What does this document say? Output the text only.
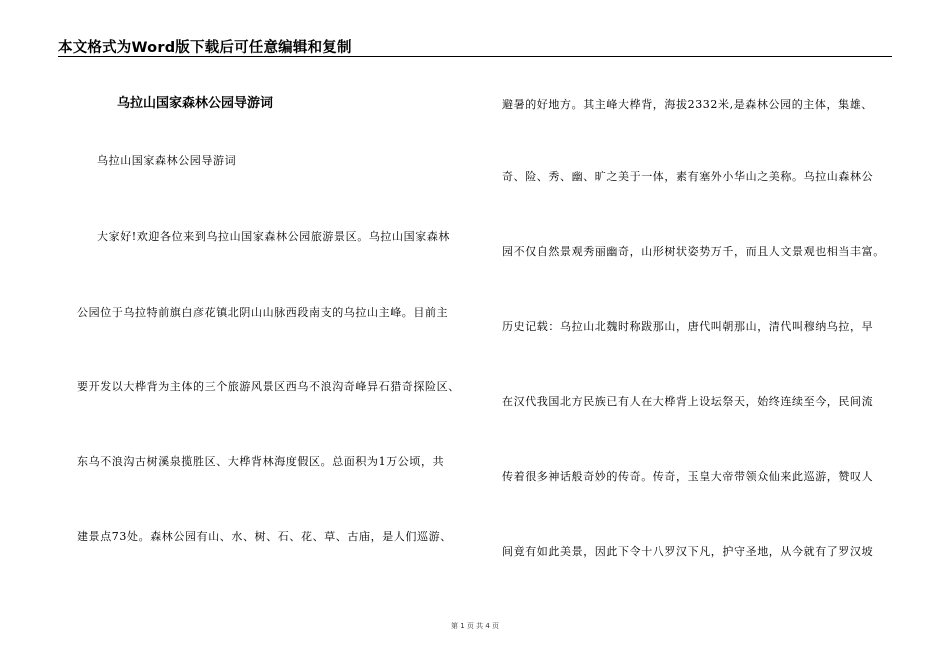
本文格式为Word版下载后可任意编辑和复制
乌拉山国家森林公园导游词
乌拉山国家森林公园导游词
大家好!欢迎各位来到乌拉山国家森林公园旅游景区。乌拉山国家森林
公园位于乌拉特前旗白彦花镇北阴山山脉西段南支的乌拉山主峰。目前主
要开发以大桦背为主体的三个旅游风景区西乌不浪沟奇峰异石猎奇探险区、
东乌不浪沟古树溪泉揽胜区、大桦背林海度假区。总面积为1万公顷，共
建景点73处。森林公园有山、水、树、石、花、草、古庙，是人们巡游、
避暑的好地方。其主峰大桦背，海拔2332米,是森林公园的主体，集雄、
奇、险、秀、幽、旷之美于一体，素有塞外小华山之美称。乌拉山森林公
园不仅自然景观秀丽幽奇，山形树状姿势万千，而且人文景观也相当丰富。
历史记载：乌拉山北魏时称跋那山，唐代叫朝那山，清代叫穆纳乌拉，早
在汉代我国北方民族已有人在大桦背上设坛祭天，始终连续至今，民间流
传着很多神话般奇妙的传奇。传奇，玉皇大帝带领众仙来此巡游，赞叹人
间竟有如此美景，因此下令十八罗汉下凡，护守圣地，从今就有了罗汉坡
第 1 页 共 4 页
